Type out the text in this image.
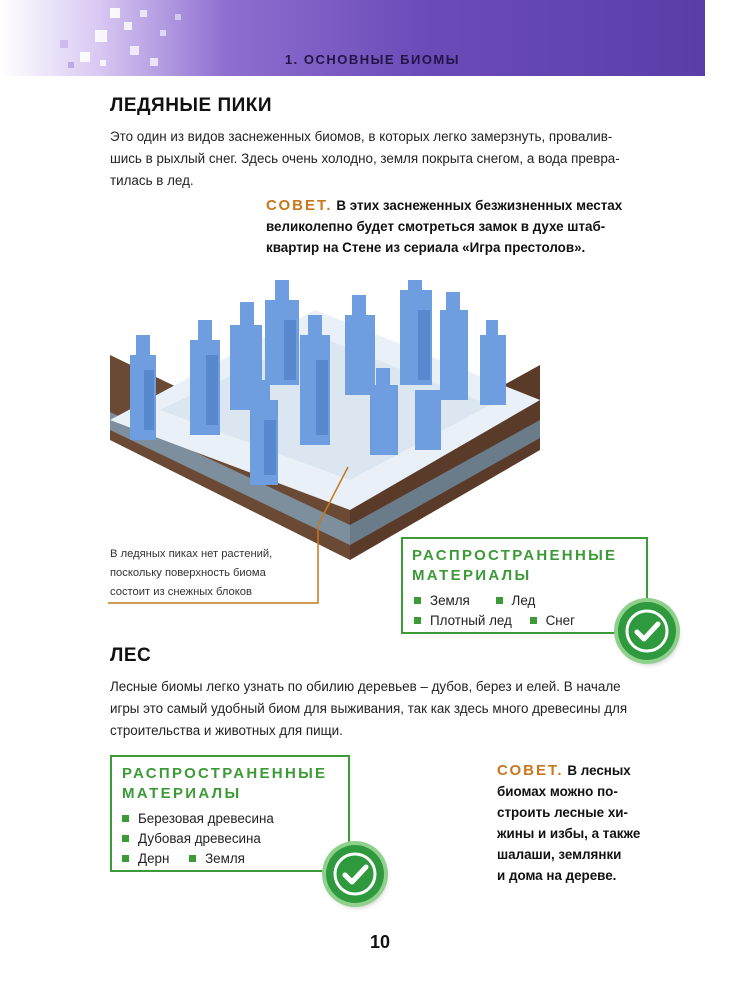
1. ОСНОВНЫЕ БИОМЫ
ЛЕДЯНЫЕ ПИКИ
Это один из видов заснеженных биомов, в которых легко замерзнуть, провалив-
шись в рыхлый снег. Здесь очень холодно, земля покрыта снегом, а вода превра-
тилась в лед.
СОВЕТ. В этих заснеженных безжизненных местах
великолепно будет смотреться замок в духе штаб-
квартир на Стене из сериала «Игра престолов».
В ледяных пиках нет растений,
поскольку поверхность биома
состоит из снежных блоков
РАСПРОСТРАНЕННЫЕ
МАТЕРИАЛЫ
Земля	Лед
Плотный лед	Снег
ЛЕС
Лесные биомы легко узнать по обилию деревьев – дубов, берез и елей. В начале
игры это самый удобный биом для выживания, так как здесь много древесины для
строительства и животных для пищи.
РАСПРОСТРАНЕННЫЕ
МАТЕРИАЛЫ
Березовая древесина
Дубовая древесина
Дерн	Земля
СОВЕТ. В лесных
биомах можно по-
строить лесные хи-
жины и избы, а также
шалаши, землянки
и дома на дереве.
10
